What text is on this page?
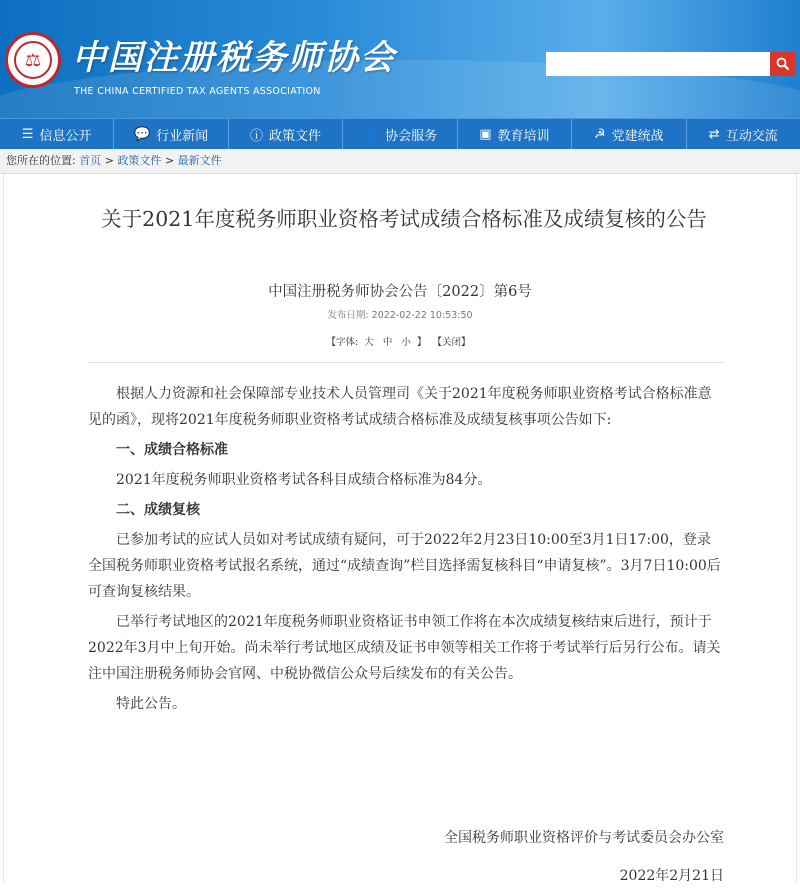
⚖ 中国注册税务师协会
THE CHINA CERTIFIED TAX AGENTS ASSOCIATION
☰ 信息公开	💬 行业新闻	ⓘ 政策文件	👤 协会服务	▣ 教育培训	☭ 党建统战	⇄ 互动交流
您所在的位置: 首页 > 政策文件 > 最新文件
关于2021年度税务师职业资格考试成绩合格标准及成绩复核的公告
中国注册税务师协会公告〔2022〕第6号
发布日期: 2022-02-22 10:53:50
【字体: 大 中 小 】 【关闭】

根据人力资源和社会保障部专业技术人员管理司《关于2021年度税务师职业资格考试合格标准意见的函》，现将2021年度税务师职业资格考试成绩合格标准及成绩复核事项公告如下:

一、成绩合格标准

2021年度税务师职业资格考试各科目成绩合格标准为84分。

二、成绩复核

已参加考试的应试人员如对考试成绩有疑问，可于2022年2月23日10:00至3月1日17:00，登录全国税务师职业资格考试报名系统，通过“成绩查询”栏目选择需复核科目“申请复核”。3月7日10:00后可查询复核结果。

已举行考试地区的2021年度税务师职业资格证书申领工作将在本次成绩复核结束后进行，预计于2022年3月中上旬开始。尚未举行考试地区成绩及证书申领等相关工作将于考试举行后另行公布。请关注中国注册税务师协会官网、中税协微信公众号后续发布的有关公告。

特此公告。

全国税务师职业资格评价与考试委员会办公室
2022年2月21日
